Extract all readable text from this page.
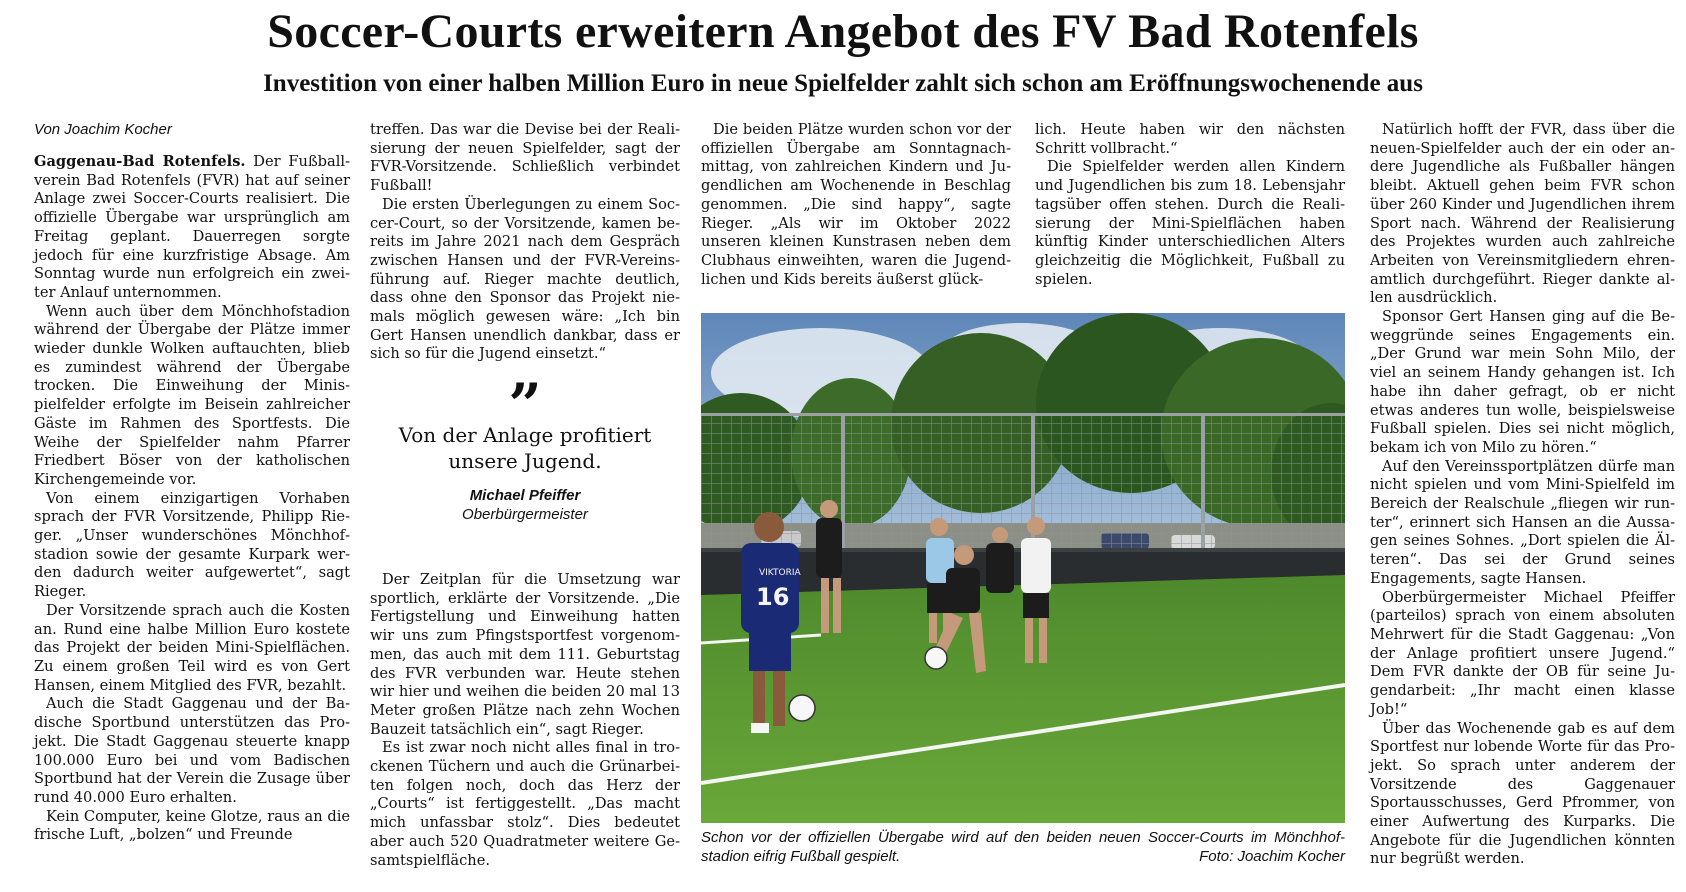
Soccer-Courts erweitern Angebot des FV Bad Rotenfels
Investition von einer halben Million Euro in neue Spielfelder zahlt sich schon am Eröffnungswochenende aus

Von Joachim Kocher

Gaggenau-Bad Rotenfels. Der Fußballverein Bad Rotenfels (FVR) hat auf seiner Anlage zwei Soccer-Courts realisiert. Die offizielle Übergabe war ursprünglich am Freitag geplant. Dauerregen sorgte jedoch für eine kurzfristige Absage. Am Sonntag wurde nun erfolgreich ein zweiter Anlauf unternommen.

Wenn auch über dem Mönchhofstadion während der Übergabe der Plätze immer wieder dunkle Wolken auftauchten, blieb es zumindest während der Übergabe trocken. Die Einweihung der Minispielfelder erfolgte im Beisein zahlreicher Gäste im Rahmen des Sportfests. Die Weihe der Spielfelder nahm Pfarrer Friedbert Böser von der katholischen Kirchengemeinde vor.

Von einem einzigartigen Vorhaben sprach der FVR Vorsitzende, Philipp Rieger. „Unser wunderschönes Mönchhofstadion sowie der gesamte Kurpark werden dadurch weiter aufgewertet“, sagt Rieger.

Der Vorsitzende sprach auch die Kosten an. Rund eine halbe Million Euro kostete das Projekt der beiden Mini-Spielflächen. Zu einem großen Teil wird es von Gert Hansen, einem Mitglied des FVR, bezahlt.

Auch die Stadt Gaggenau und der Badische Sportbund unterstützen das Projekt. Die Stadt Gaggenau steuerte knapp 100.000 Euro bei und vom Badischen Sportbund hat der Verein die Zusage über rund 40.000 Euro erhalten.

Kein Computer, keine Glotze, raus an die frische Luft, „bolzen“ und Freunde

treffen. Das war die Devise bei der Realisierung der neuen Spielfelder, sagt der FVR-Vorsitzende. Schließlich verbindet Fußball!

Die ersten Überlegungen zu einem Soccer-Court, so der Vorsitzende, kamen bereits im Jahre 2021 nach dem Gespräch zwischen Hansen und der FVR-Vereinsführung auf. Rieger machte deutlich, dass ohne den Sponsor das Projekt niemals möglich gewesen wäre: „Ich bin Gert Hansen unendlich dankbar, dass er sich so für die Jugend einsetzt.“

”
Von der Anlage profitiert unsere Jugend.
Michael Pfeiffer
Oberbürgermeister

Der Zeitplan für die Umsetzung war sportlich, erklärte der Vorsitzende. „Die Fertigstellung und Einweihung hatten wir uns zum Pfingstsportfest vorgenommen, das auch mit dem 111. Geburtstag des FVR verbunden war. Heute stehen wir hier und weihen die beiden 20 mal 13 Meter großen Plätze nach zehn Wochen Bauzeit tatsächlich ein“, sagt Rieger.

Es ist zwar noch nicht alles final in trockenen Tüchern und auch die Grünarbeiten folgen noch, doch das Herz der „Courts“ ist fertiggestellt. „Das macht mich unfassbar stolz“. Dies bedeutet aber auch 520 Quadratmeter weitere Gesamtspielfläche.

Die beiden Plätze wurden schon vor der offiziellen Übergabe am Sonntagnachmittag, von zahlreichen Kindern und Jugendlichen am Wochenende in Beschlag genommen. „Die sind happy“, sagte Rieger. „Als wir im Oktober 2022 unseren kleinen Kunstrasen neben dem Clubhaus einweihten, waren die Jugendlichen und Kids bereits äußerst glück-

lich. Heute haben wir den nächsten Schritt vollbracht.“

Die Spielfelder werden allen Kindern und Jugendlichen bis zum 18. Lebensjahr tagsüber offen stehen. Durch die Realisierung der Mini-Spielflächen haben künftig Kinder unterschiedlichen Alters gleichzeitig die Möglichkeit, Fußball zu spielen.

VIKTORIA
16
Schon vor der offiziellen Übergabe wird auf den beiden neuen Soccer-Courts im Mönchhofstadion eifrig Fußball gespielt.	Foto: Joachim Kocher

Natürlich hofft der FVR, dass über die neuen-Spielfelder auch der ein oder andere Jugendliche als Fußballer hängen bleibt. Aktuell gehen beim FVR schon über 260 Kinder und Jugendlichen ihrem Sport nach. Während der Realisierung des Projektes wurden auch zahlreiche Arbeiten von Vereinsmitgliedern ehrenamtlich durchgeführt. Rieger dankte allen ausdrücklich.

Sponsor Gert Hansen ging auf die Beweggründe seines Engagements ein. „Der Grund war mein Sohn Milo, der viel an seinem Handy gehangen ist. Ich habe ihn daher gefragt, ob er nicht etwas anderes tun wolle, beispielsweise Fußball spielen. Dies sei nicht möglich, bekam ich von Milo zu hören.“

Auf den Vereinssportplätzen dürfe man nicht spielen und vom Mini-Spielfeld im Bereich der Realschule „fliegen wir runter“, erinnert sich Hansen an die Aussagen seines Sohnes. „Dort spielen die Älteren“. Das sei der Grund seines Engagements, sagte Hansen.

Oberbürgermeister Michael Pfeiffer (parteilos) sprach von einem absoluten Mehrwert für die Stadt Gaggenau: „Von der Anlage profitiert unsere Jugend.“ Dem FVR dankte der OB für seine Jugendarbeit: „Ihr macht einen klasse Job!“

Über das Wochenende gab es auf dem Sportfest nur lobende Worte für das Projekt. So sprach unter anderem der Vorsitzende des Gaggenauer Sportausschusses, Gerd Pfrommer, von einer Aufwertung des Kurparks. Die Angebote für die Jugendlichen könnten nur begrüßt werden.
